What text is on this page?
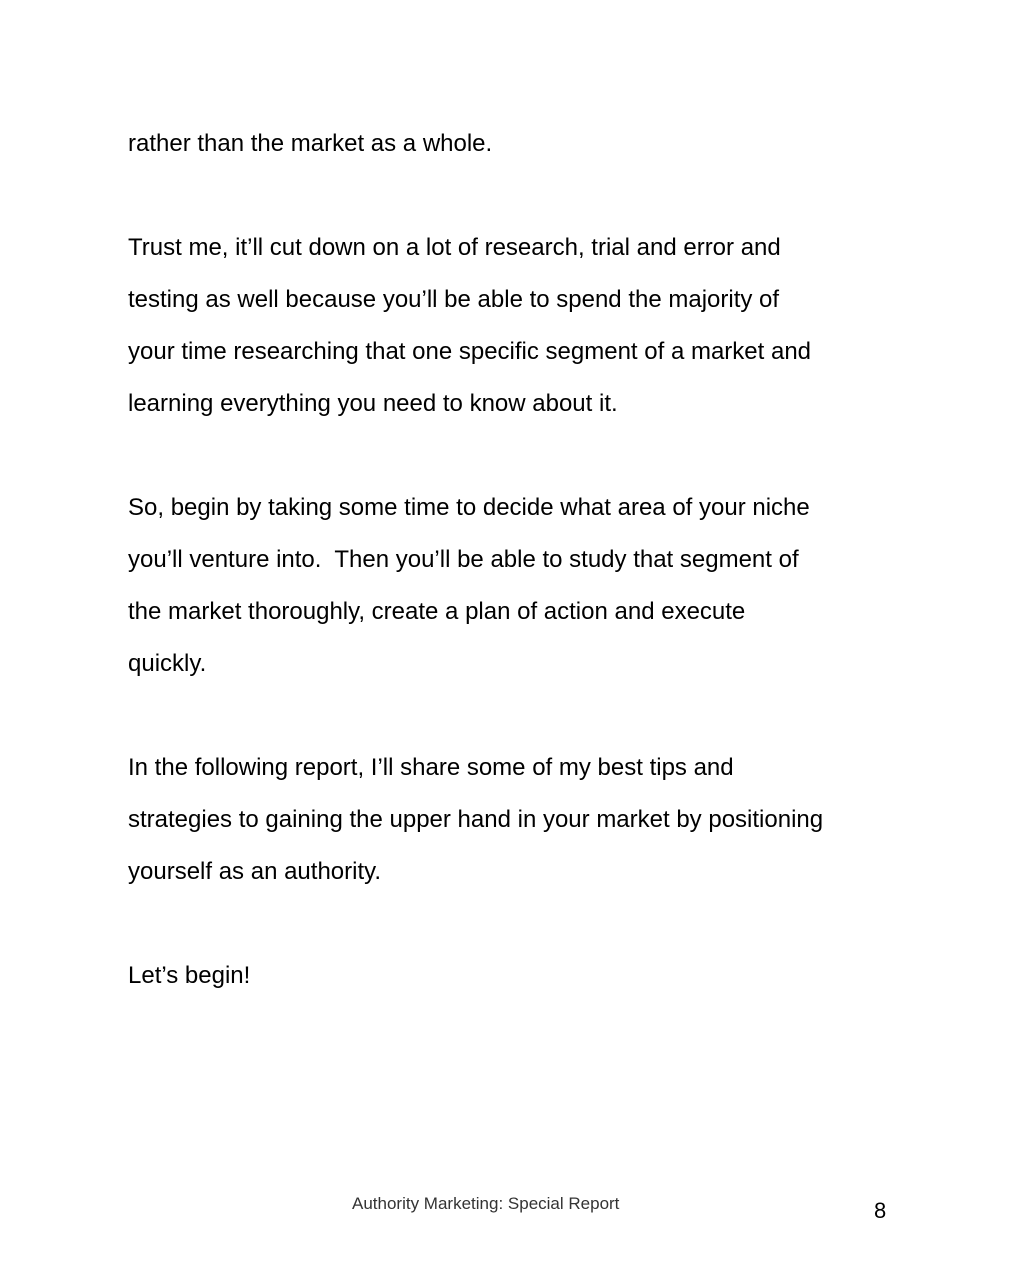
rather than the market as a whole.

Trust me, it’ll cut down on a lot of research, trial and error and
testing as well because you’ll be able to spend the majority of
your time researching that one specific segment of a market and
learning everything you need to know about it.

So, begin by taking some time to decide what area of your niche
you’ll venture into.  Then you’ll be able to study that segment of
the market thoroughly, create a plan of action and execute
quickly.

In the following report, I’ll share some of my best tips and
strategies to gaining the upper hand in your market by positioning
yourself as an authority.

Let’s begin!

Authority Marketing: Special Report	8
